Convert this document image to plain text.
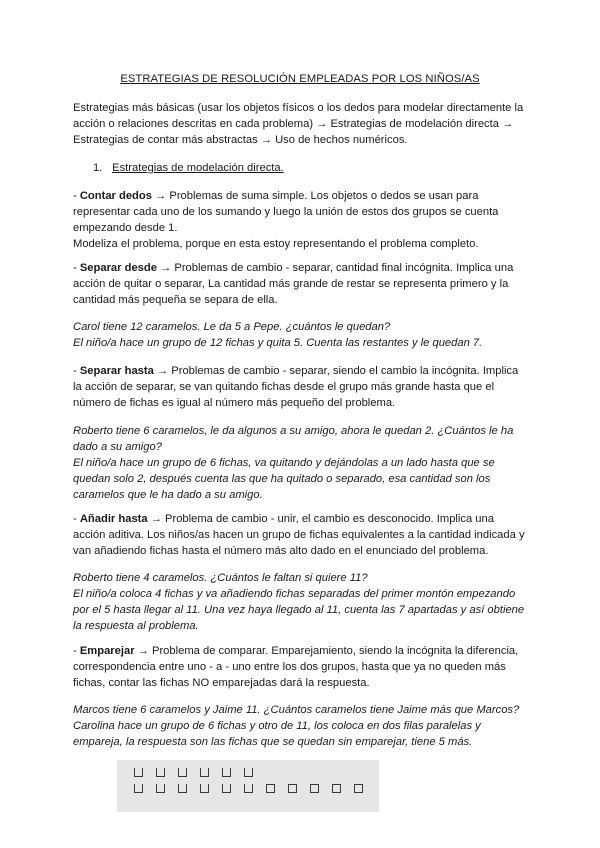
ESTRATEGIAS DE RESOLUCIÓN EMPLEADAS POR LOS NIÑOS/AS

Estrategias más básicas (usar los objetos físicos o los dedos para modelar directamente la acción o relaciones descritas en cada problema) → Estrategias de modelación directa → Estrategias de contar más abstractas → Uso de hechos numéricos.

1. Estrategias de modelación directa.

- Contar dedos → Problemas de suma simple. Los objetos o dedos se usan para representar cada uno de los sumando y luego la unión de estos dos grupos se cuenta empezando desde 1.

Modeliza el problema, porque en esta estoy representando el problema completo.

- Separar desde → Problemas de cambio - separar, cantidad final incógnita. Implica una acción de quitar o separar, La cantidad más grande de restar se representa primero y la cantidad más pequeña se separa de ella.

Carol tiene 12 caramelos. Le da 5 a Pepe. ¿cuántos le quedan?

El niño/a hace un grupo de 12 fichas y quita 5. Cuenta las restantes y le quedan 7.

- Separar hasta → Problemas de cambio - separar, siendo el cambio la incógnita. Implica la acción de separar, se van quitando fichas desde el grupo más grande hasta que el número de fichas es igual al número más pequeño del problema.

Roberto tiene 6 caramelos, le da algunos a su amigo, ahora le quedan 2. ¿Cuántos le ha dado a su amigo?

El niño/a hace un grupo de 6 fichas, va quitando y dejándolas a un lado hasta que se quedan solo 2, después cuenta las que ha quitado o separado, esa cantidad son los caramelos que le ha dado a su amigo.

- Añadir hasta → Problema de cambio - unir, el cambio es desconocido. Implica una acción aditiva. Los niños/as hacen un grupo de fichas equivalentes a la cantidad indicada y van añadiendo fichas hasta el número más alto dado en el enunciado del problema.

Roberto tiene 4 caramelos. ¿Cuántos le faltan si quiere 11?

El niño/a coloca 4 fichas y va añadiendo fichas separadas del primer montón empezando por el 5 hasta llegar al 11. Una vez haya llegado al 11, cuenta las 7 apartadas y así obtiene la respuesta al problema.

- Emparejar → Problema de comparar. Emparejamiento, siendo la incógnita la diferencia, correspondencia entre uno - a - uno entre los dos grupos, hasta que ya no queden más fichas, contar las fichas NO emparejadas dará la respuesta.

Marcos tiene 6 caramelos y Jaime 11. ¿Cuántos caramelos tiene Jaime más que Marcos?

Carolina hace un grupo de 6 fichas y otro de 11, los coloca en dos filas paralelas y empareja, la respuesta son las fichas que se quedan sin emparejar, tiene 5 más.
